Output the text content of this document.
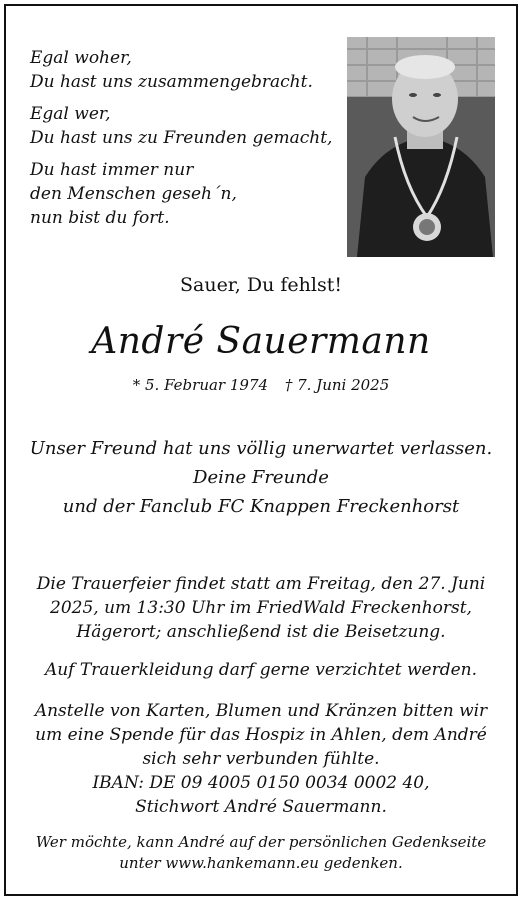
Egal woher,
Du hast uns zusammengebracht.
Egal wer,
Du hast uns zu Freunden gemacht,
Du hast immer nur
den Menschen geseh´n,
nun bist du fort.
Sauer, Du fehlst!
André Sauermann
* 5. Februar 1974 † 7. Juni 2025
Unser Freund hat uns völlig unerwartet verlassen.
Deine Freunde
und der Fanclub FC Knappen Freckenhorst
Die Trauerfeier findet statt am Freitag, den 27. Juni
2025, um 13:30 Uhr im FriedWald Freckenhorst,
Hägerort; anschließend ist die Beisetzung.
Auf Trauerkleidung darf gerne verzichtet werden.
Anstelle von Karten, Blumen und Kränzen bitten wir
um eine Spende für das Hospiz in Ahlen, dem André
sich sehr verbunden fühlte.
IBAN: DE 09 4005 0150 0034 0002 40,
Stichwort André Sauermann.
Wer möchte, kann André auf der persönlichen Gedenkseite
unter www.hankemann.eu gedenken.
